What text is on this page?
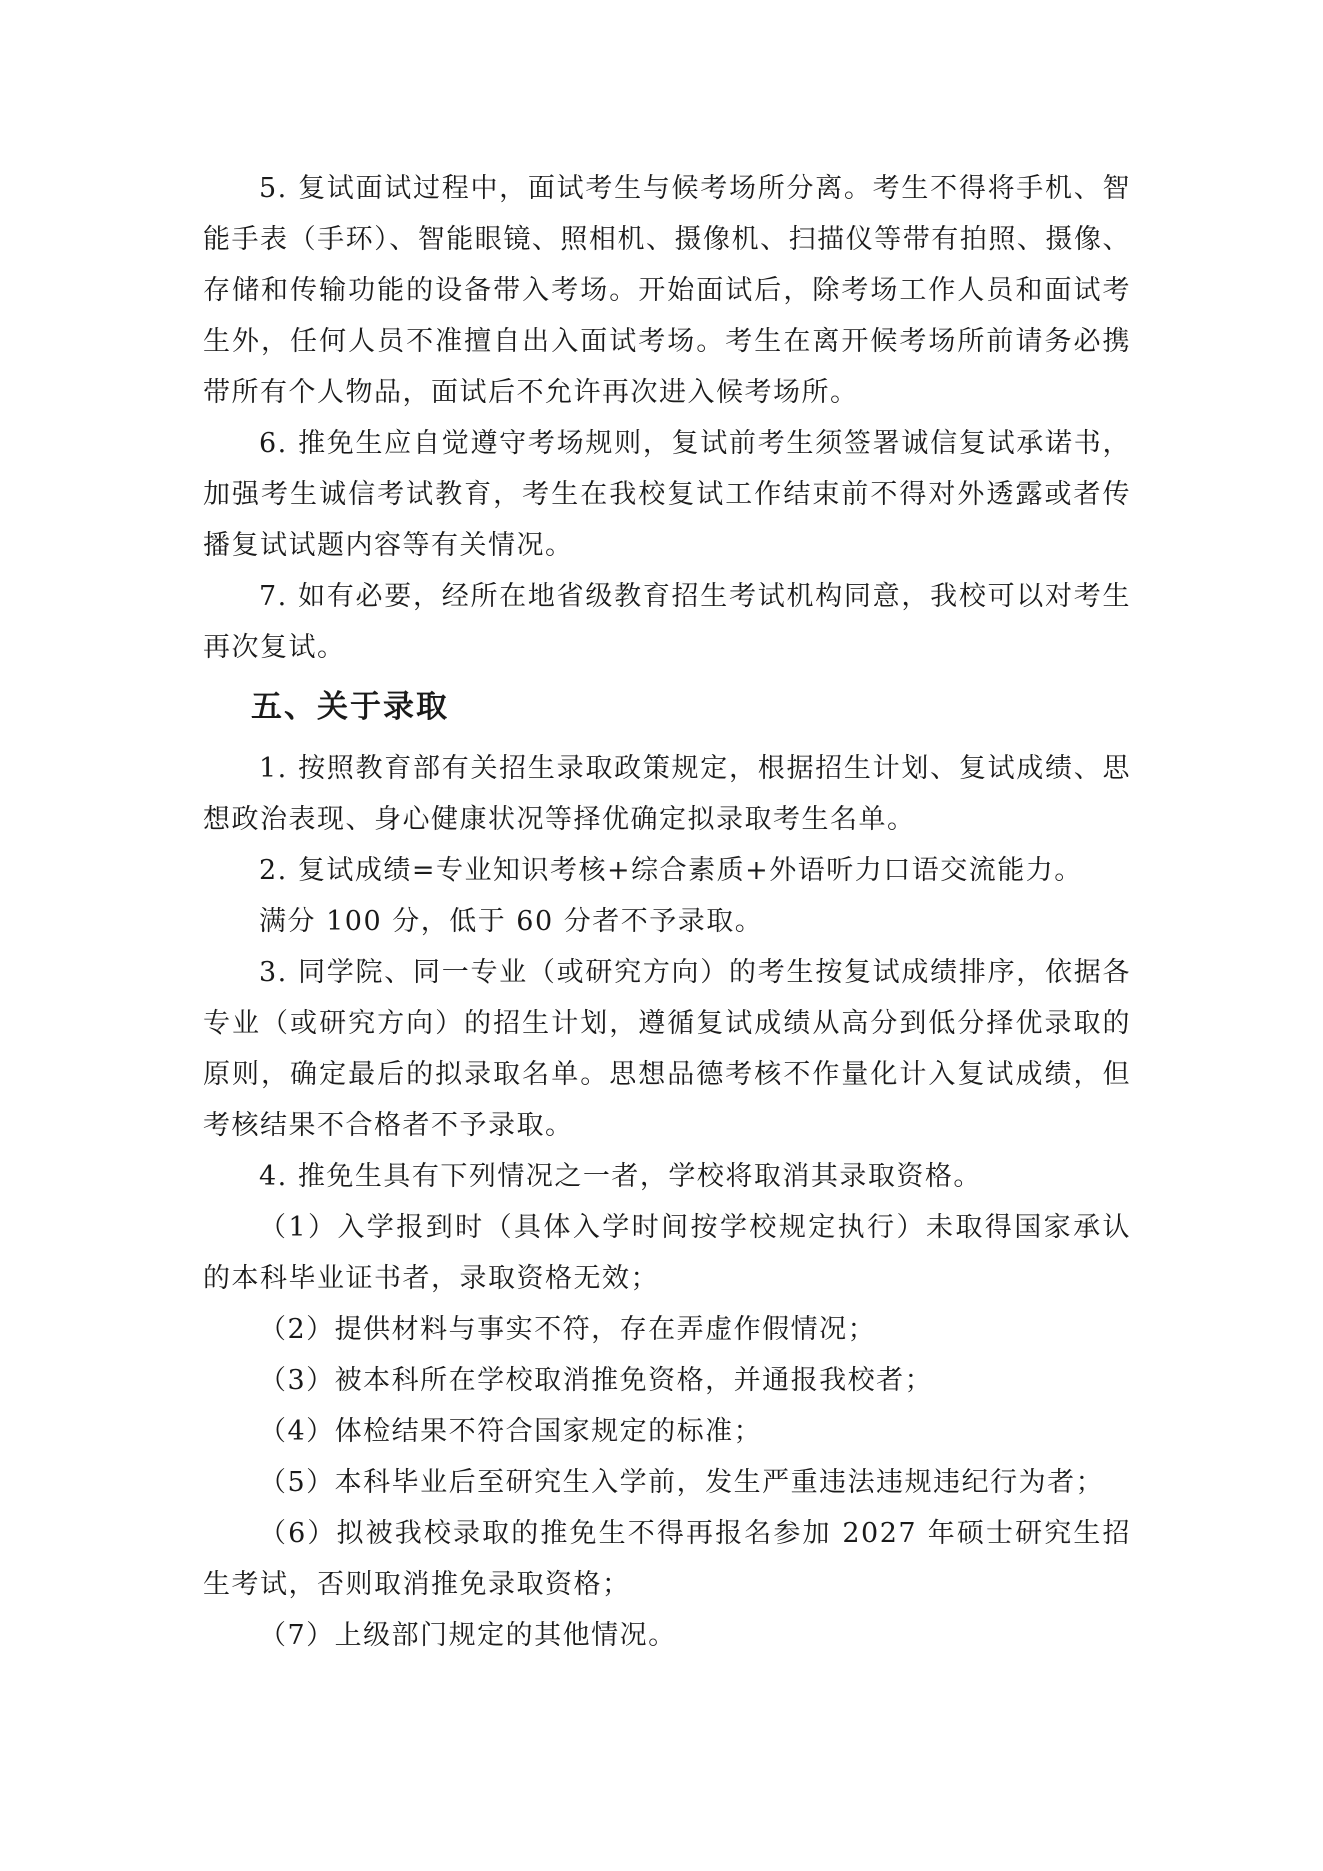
5. 复试面试过程中，面试考生与候考场所分离。考生不得将手机、智能手表（手环）、智能眼镜、照相机、摄像机、扫描仪等带有拍照、摄像、存储和传输功能的设备带入考场。开始面试后，除考场工作人员和面试考生外，任何人员不准擅自出入面试考场。考生在离开候考场所前请务必携带所有个人物品，面试后不允许再次进入候考场所。

6. 推免生应自觉遵守考场规则，复试前考生须签署诚信复试承诺书，加强考生诚信考试教育，考生在我校复试工作结束前不得对外透露或者传播复试试题内容等有关情况。

7. 如有必要，经所在地省级教育招生考试机构同意，我校可以对考生再次复试。

五、关于录取

1. 按照教育部有关招生录取政策规定，根据招生计划、复试成绩、思想政治表现、身心健康状况等择优确定拟录取考生名单。

2. 复试成绩=专业知识考核+综合素质+外语听力口语交流能力。

满分 100 分，低于 60 分者不予录取。

3. 同学院、同一专业（或研究方向）的考生按复试成绩排序，依据各专业（或研究方向）的招生计划，遵循复试成绩从高分到低分择优录取的原则，确定最后的拟录取名单。思想品德考核不作量化计入复试成绩，但考核结果不合格者不予录取。

4. 推免生具有下列情况之一者，学校将取消其录取资格。

（1）入学报到时（具体入学时间按学校规定执行）未取得国家承认的本科毕业证书者，录取资格无效；

（2）提供材料与事实不符，存在弄虚作假情况；

（3）被本科所在学校取消推免资格，并通报我校者；

（4）体检结果不符合国家规定的标准；

（5）本科毕业后至研究生入学前，发生严重违法违规违纪行为者；

（6）拟被我校录取的推免生不得再报名参加 2027 年硕士研究生招生考试，否则取消推免录取资格；

（7）上级部门规定的其他情况。
